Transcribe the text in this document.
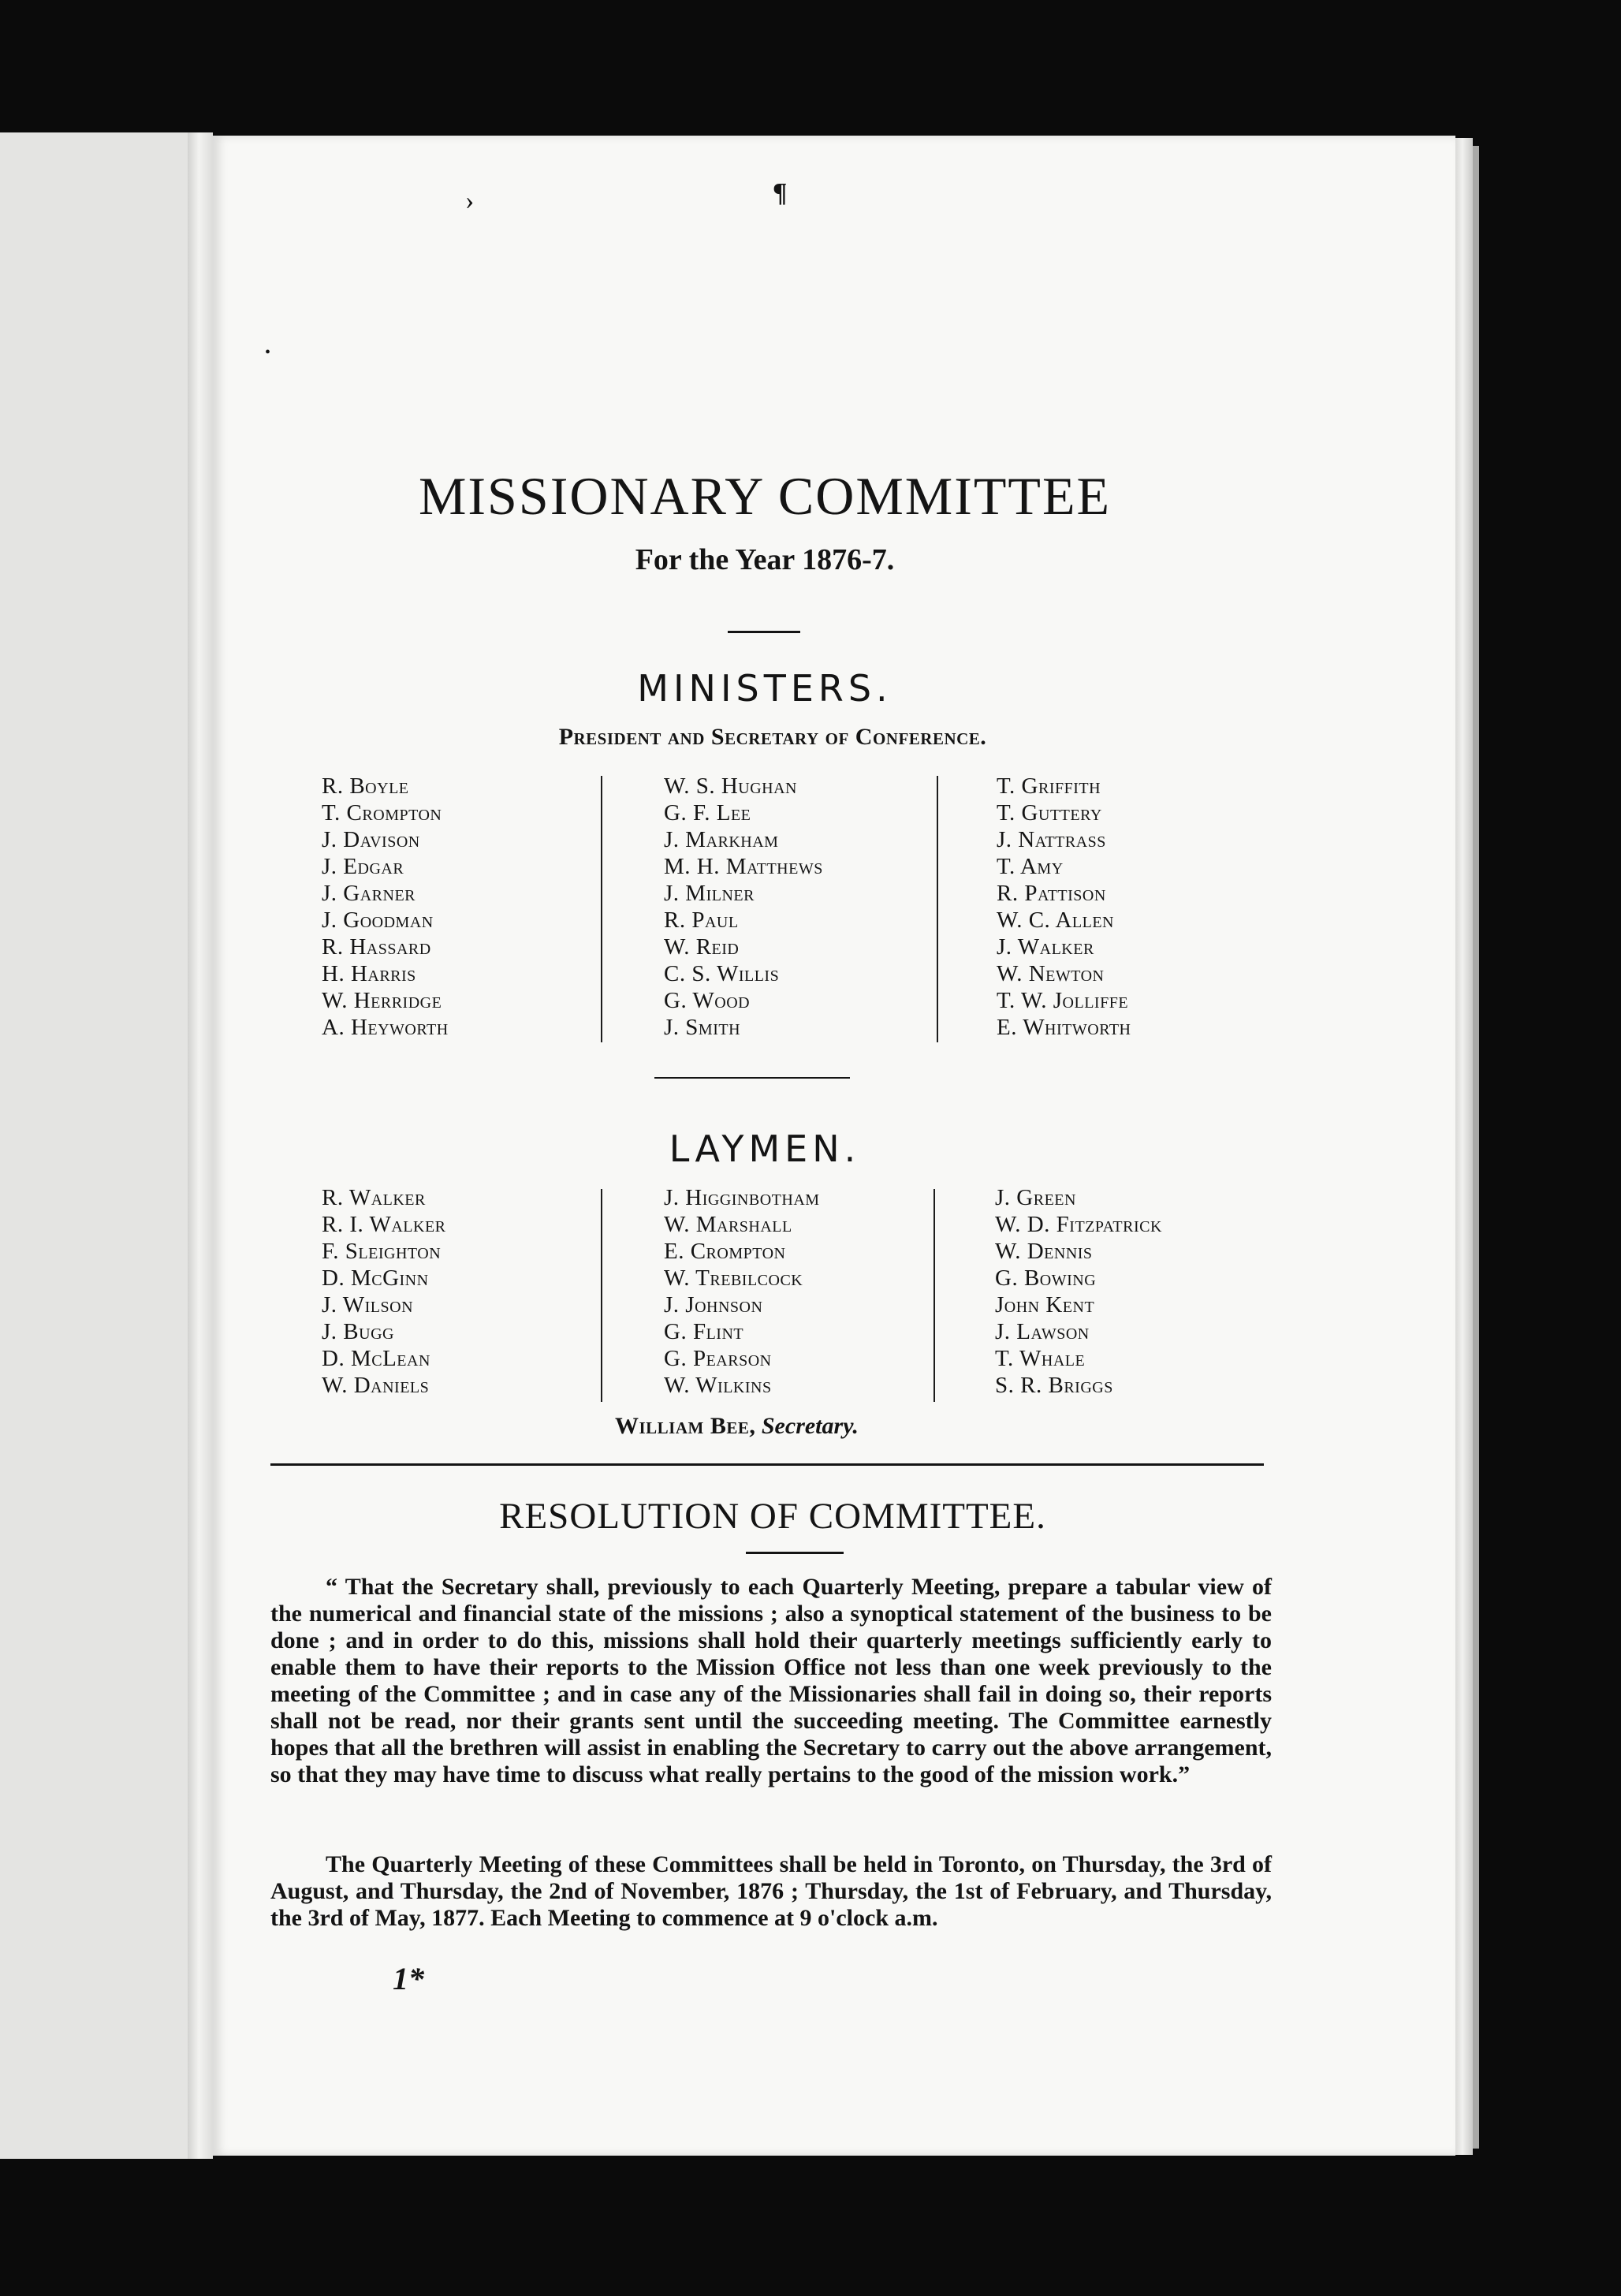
›	¶
•
MISSIONARY COMMITTEE
For the Year 1876-7.
MINISTERS.
President and Secretary of Conference.
R. Boyle
T. Crompton
J. Davison
J. Edgar
J. Garner
J. Goodman
R. Hassard
H. Harris
W. Herridge
A. Heyworth
W. S. Hughan
G. F. Lee
J. Markham
M. H. Matthews
J. Milner
R. Paul
W. Reid
C. S. Willis
G. Wood
J. Smith
T. Griffith
T. Guttery
J. Nattrass
T. Amy
R. Pattison
W. C. Allen
J. Walker
W. Newton
T. W. Jolliffe
E. Whitworth
LAYMEN.
R. Walker
R. I. Walker
F. Sleighton
D. McGinn
J. Wilson
J. Bugg
D. McLean
W. Daniels
J. Higginbotham
W. Marshall
E. Crompton
W. Trebilcock
J. Johnson
G. Flint
G. Pearson
W. Wilkins
J. Green
W. D. Fitzpatrick
W. Dennis
G. Bowing
John Kent
J. Lawson
T. Whale
S. R. Briggs
William Bee, Secretary.
RESOLUTION OF COMMITTEE.

“ That the Secretary shall, previously to each Quarterly Meeting, prepare a tabular view of the numerical and financial state of the missions ; also a synoptical statement of the business to be done ; and in order to do this, missions shall hold their quarterly meetings sufficiently early to enable them to have their reports to the Mission Office not less than one week previously to the meeting of the Committee ; and in case any of the Missionaries shall fail in doing so, their reports shall not be read, nor their grants sent until the succeeding meeting. The Committee earnestly hopes that all the brethren will assist in enabling the Secretary to carry out the above arrangement, so that they may have time to discuss what really pertains to the good of the mission work.”

The Quarterly Meeting of these Committees shall be held in Toronto, on Thursday, the 3rd of August, and Thursday, the 2nd of November, 1876 ; Thursday, the 1st of February, and Thursday, the 3rd of May, 1877. Each Meeting to commence at 9 o'clock a.m.

1*
